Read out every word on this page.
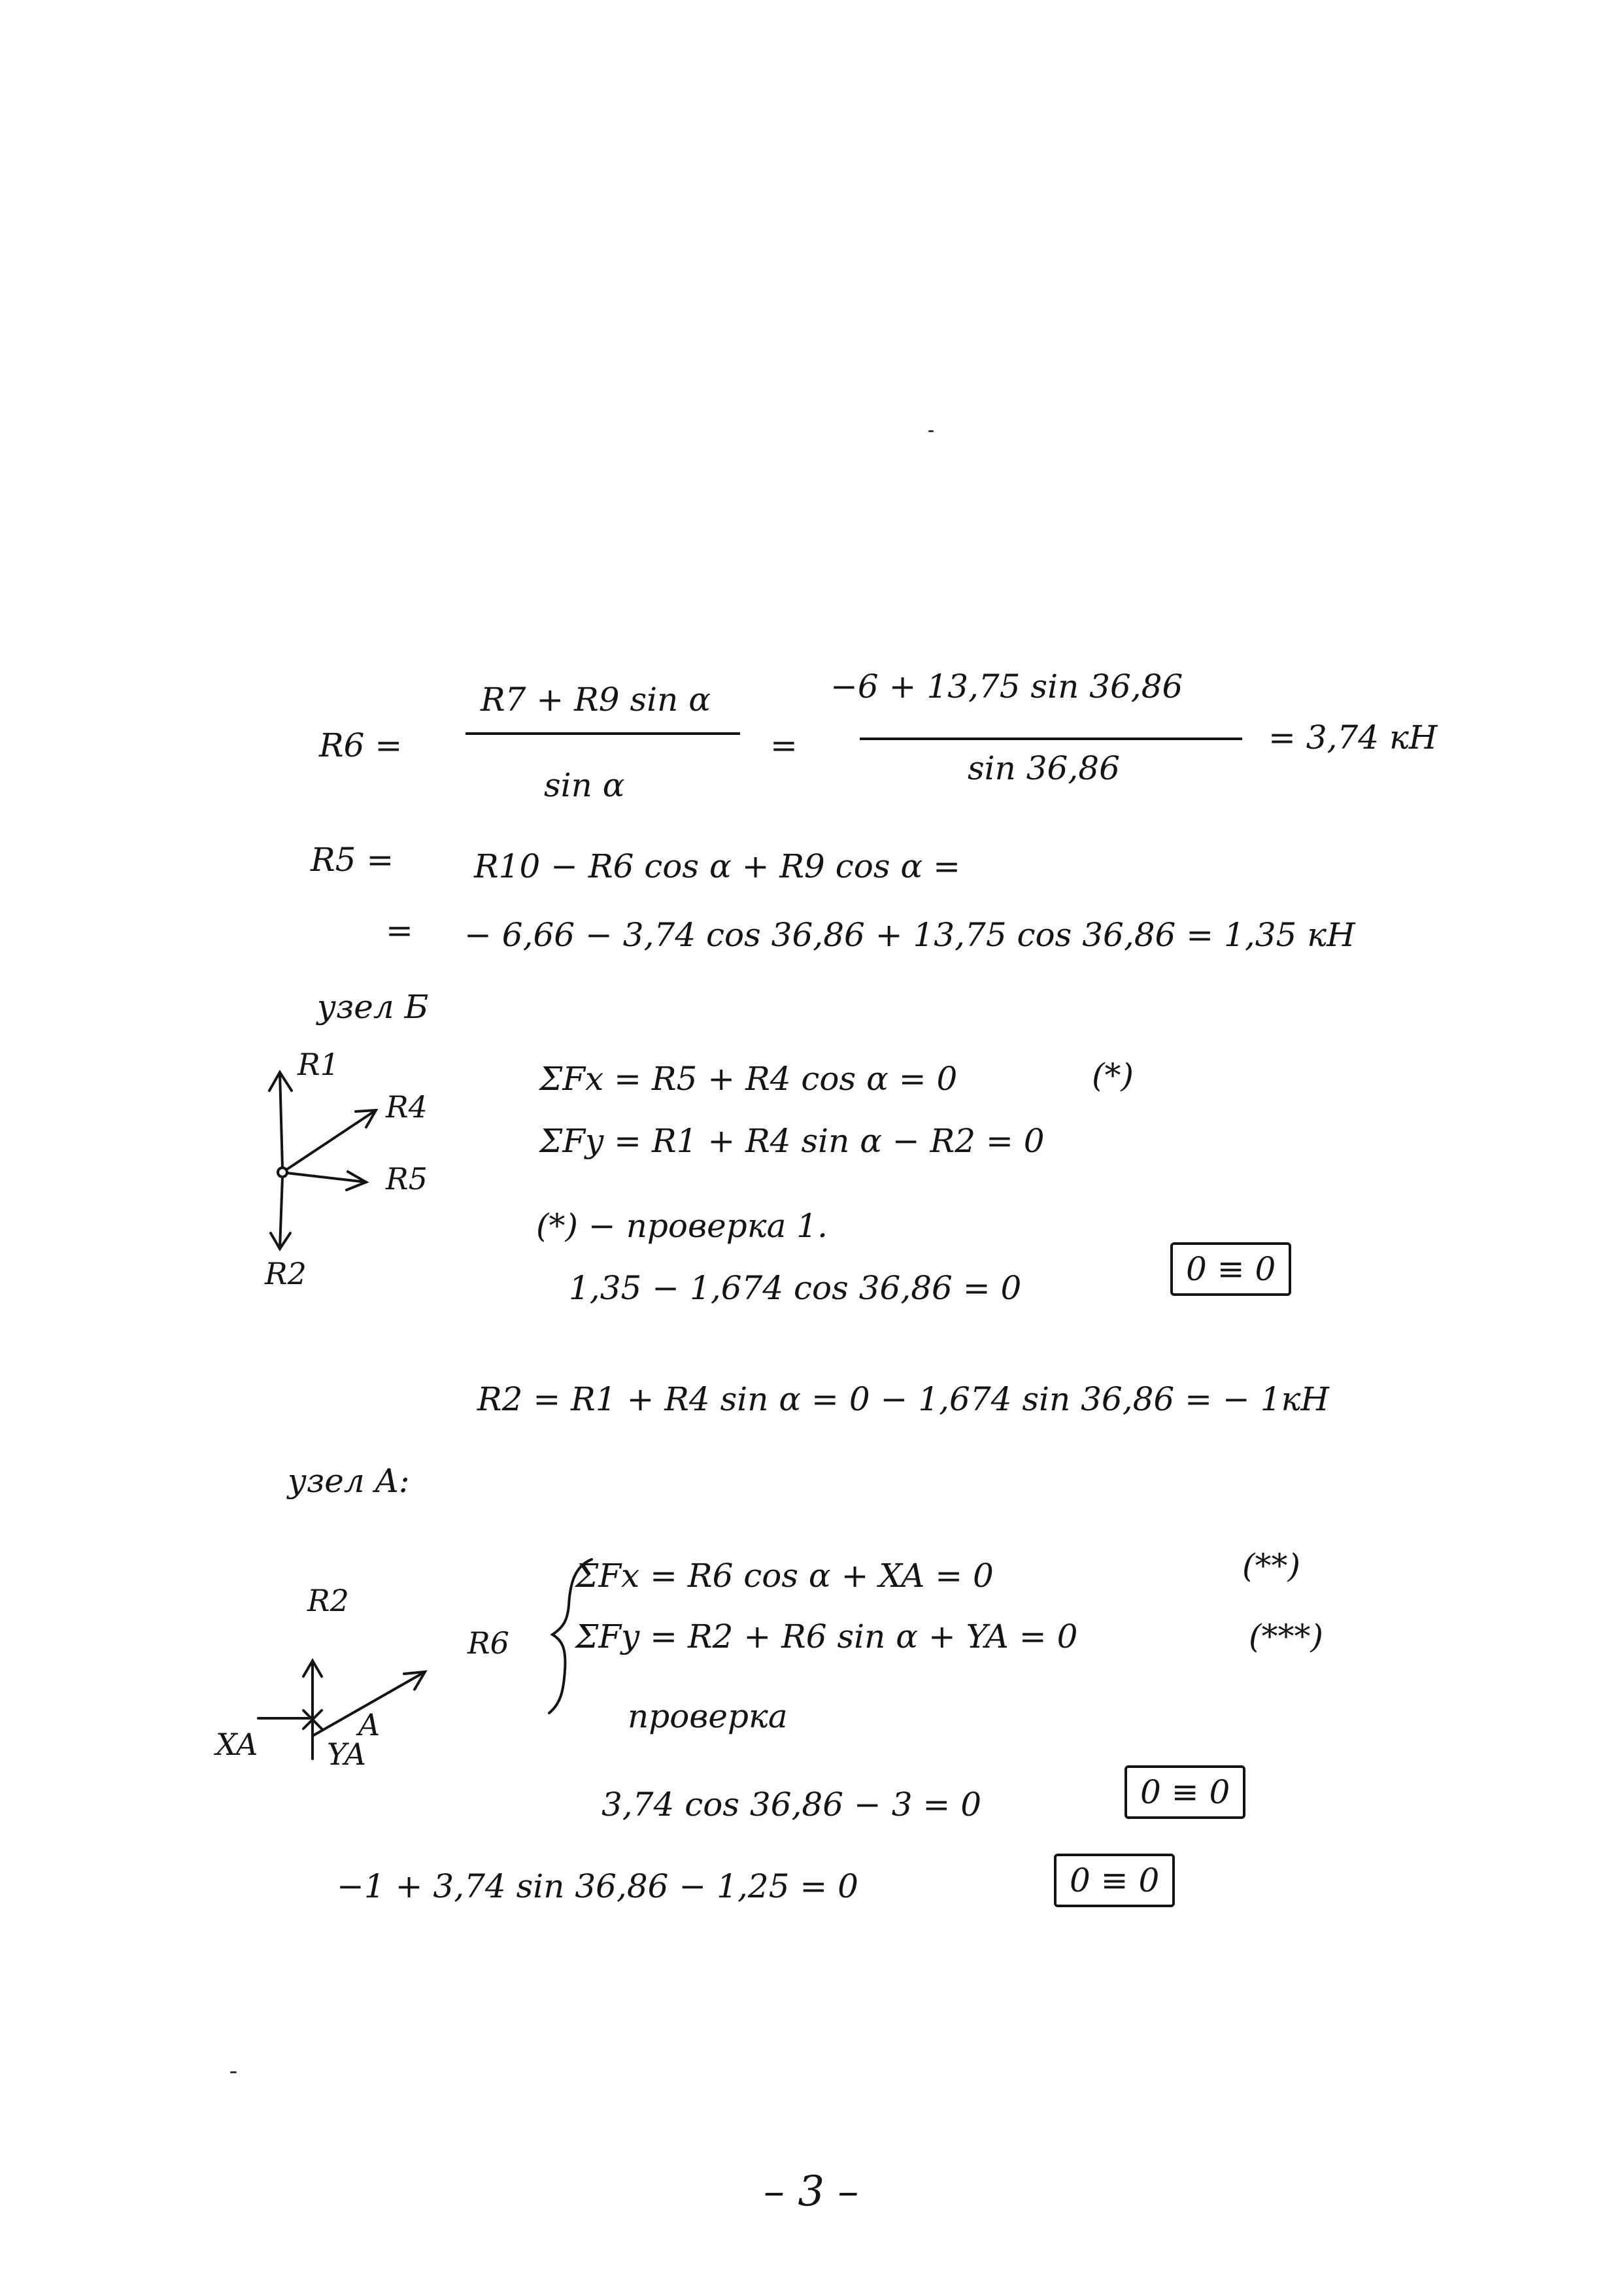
R6 =
R7 + R9 sin α
sin α
=
−6 + 13,75 sin 36,86
sin 36,86
= 3,74 кН
R5 = R10 − R6 cos α + R9 cos α =
= − 6,66 − 3,74 cos 36,86 + 13,75 cos 36,86 = 1,35 кН
узел Б
R1
R4
R5
R2
ΣFx = R5 + R4 cos α = 0	(*)
ΣFy = R1 + R4 sin α − R2 = 0
(*) − проверка 1.
1,35 − 1,674 cos 36,86 = 0	0 ≡ 0
R2 = R1 + R4 sin α = 0 − 1,674 sin 36,86 = − 1кН
узел A:
R2
R6
XA YA
A
ΣFx = R6 cos α + XA = 0	(**)
ΣFy = R2 + R6 sin α + YA = 0	(***)
проверка
3,74 cos 36,86 − 3 = 0	0 ≡ 0
−1 + 3,74 sin 36,86 − 1,25 = 0	0 ≡ 0
– 3 –
